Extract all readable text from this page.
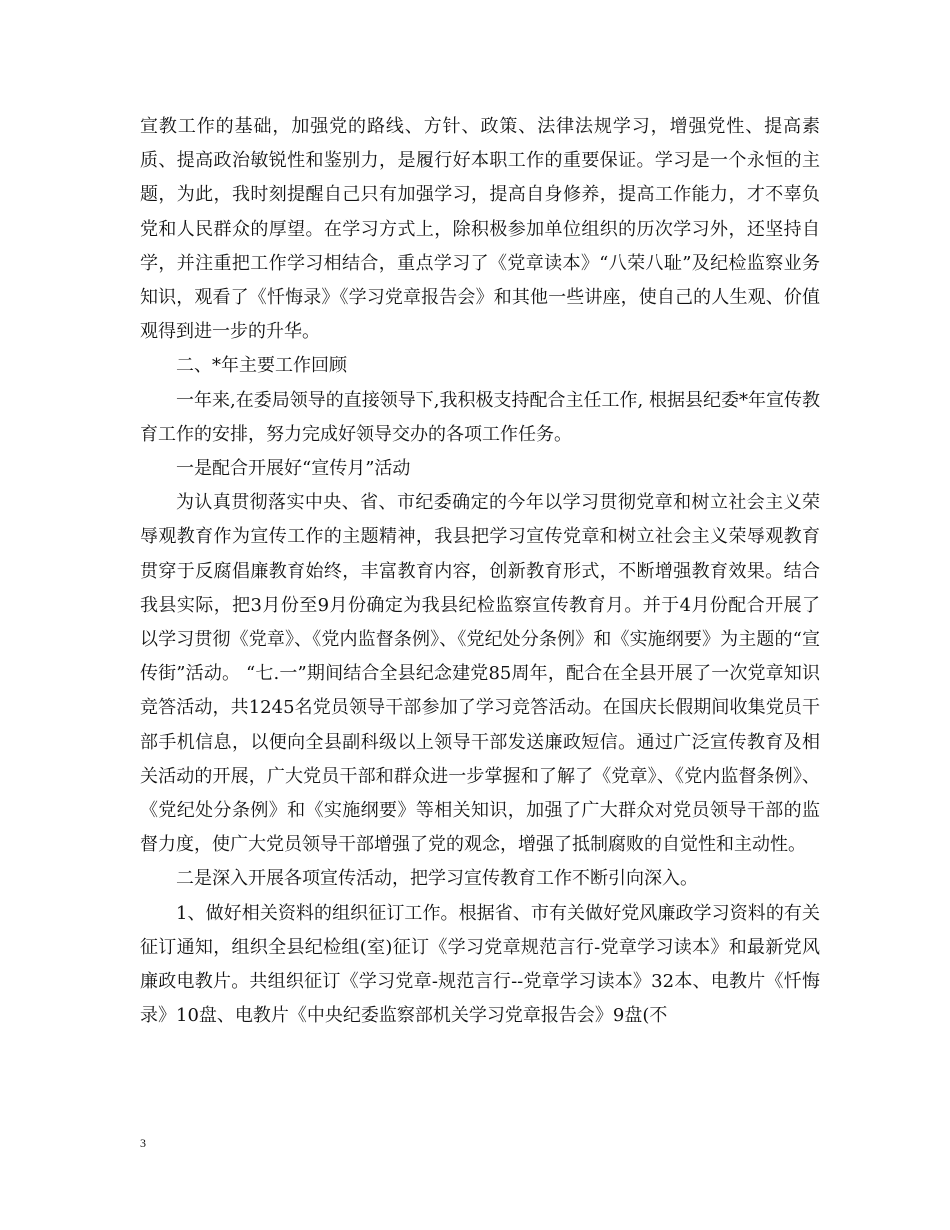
宣教工作的基础，加强党的路线、方针、政策、法律法规学习，增强党性、提高素质、提高政治敏锐性和鉴别力，是履行好本职工作的重要保证。学习是一个永恒的主题，为此，我时刻提醒自己只有加强学习，提高自身修养，提高工作能力，才不辜负党和人民群众的厚望。在学习方式上，除积极参加单位组织的历次学习外，还坚持自学，并注重把工作学习相结合，重点学习了《党章读本》“八荣八耻”及纪检监察业务知识，观看了《忏悔录》《学习党章报告会》和其他一些讲座，使自己的人生观、价值观得到进一步的升华。

二、*年主要工作回顾

一年来,在委局领导的直接领导下,我积极支持配合主任工作, 根据县纪委*年宣传教育工作的安排，努力完成好领导交办的各项工作任务。

一是配合开展好“宣传月”活动

为认真贯彻落实中央、省、市纪委确定的今年以学习贯彻党章和树立社会主义荣辱观教育作为宣传工作的主题精神，我县把学习宣传党章和树立社会主义荣辱观教育贯穿于反腐倡廉教育始终，丰富教育内容，创新教育形式，不断增强教育效果。结合我县实际，把3月份至9月份确定为我县纪检监察宣传教育月。并于4月份配合开展了以学习贯彻《党章》、《党内监督条例》、《党纪处分条例》和《实施纲要》为主题的“宣传街”活动。 “七.一”期间结合全县纪念建党85周年，配合在全县开展了一次党章知识竞答活动，共1245名党员领导干部参加了学习竞答活动。在国庆长假期间收集党员干部手机信息，以便向全县副科级以上领导干部发送廉政短信。通过广泛宣传教育及相关活动的开展，广大党员干部和群众进一步掌握和了解了《党章》、《党内监督条例》、《党纪处分条例》和《实施纲要》等相关知识，加强了广大群众对党员领导干部的监督力度，使广大党员领导干部增强了党的观念，增强了抵制腐败的自觉性和主动性。

二是深入开展各项宣传活动，把学习宣传教育工作不断引向深入。

1、做好相关资料的组织征订工作。根据省、市有关做好党风廉政学习资料的有关征订通知，组织全县纪检组(室)征订《学习党章规范言行-党章学习读本》和最新党风廉政电教片。共组织征订《学习党章-规范言行--党章学习读本》32本、电教片《忏悔录》10盘、电教片《中央纪委监察部机关学习党章报告会》9盘(不

3
